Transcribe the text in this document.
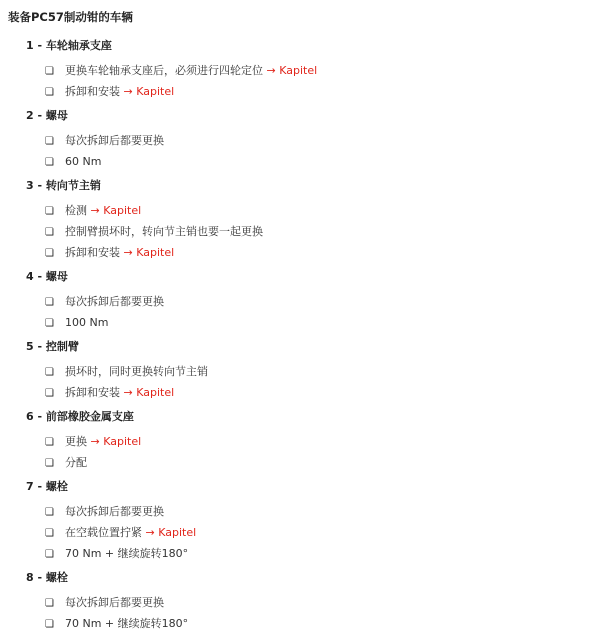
装备PC57制动钳的车辆
1 - 车轮轴承支座
❏ 更换车轮轴承支座后，必须进行四轮定位 → Kapitel
❏ 拆卸和安装 → Kapitel
2 - 螺母
❏ 每次拆卸后都要更换
❏ 60 Nm
3 - 转向节主销
❏ 检测 → Kapitel
❏ 控制臂损坏时，转向节主销也要一起更换
❏ 拆卸和安装 → Kapitel
4 - 螺母
❏ 每次拆卸后都要更换
❏ 100 Nm
5 - 控制臂
❏ 损坏时，同时更换转向节主销
❏ 拆卸和安装 → Kapitel
6 - 前部橡胶金属支座
❏ 更换 → Kapitel
❏ 分配
7 - 螺栓
❏ 每次拆卸后都要更换
❏ 在空载位置拧紧 → Kapitel
❏ 70 Nm + 继续旋转180°
8 - 螺栓
❏ 每次拆卸后都要更换
❏ 70 Nm + 继续旋转180°
